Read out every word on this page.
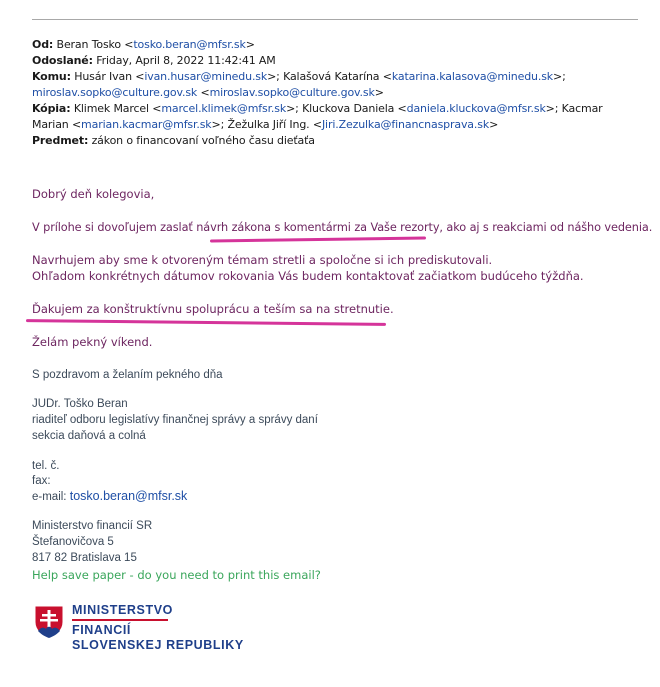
Od: Beran Tosko <tosko.beran@mfsr.sk>
Odoslané: Friday, April 8, 2022 11:42:41 AM
Komu: Husár Ivan <ivan.husar@minedu.sk>; Kalašová Katarína <katarina.kalasova@minedu.sk>;
miroslav.sopko@culture.gov.sk <miroslav.sopko@culture.gov.sk>
Kópia: Klimek Marcel <marcel.klimek@mfsr.sk>; Kluckova Daniela <daniela.kluckova@mfsr.sk>; Kacmar
Marian <marian.kacmar@mfsr.sk>; Žežulka Jiří Ing. <Jiri.Zezulka@financnasprava.sk>
Predmet: zákon o financovaní voľného času dieťaťa
Dobrý deň kolegovia,
V prílohe si dovoľujem zaslať návrh zákona s komentármi za Vaše rezorty, ako aj s reakciami od nášho vedenia.
Navrhujem aby sme k otvoreným témam stretli a spoločne si ich prediskutovali.
Ohľadom konkrétnych dátumov rokovania Vás budem kontaktovať začiatkom budúceho týždňa.
Ďakujem za konštruktívnu spoluprácu a teším sa na stretnutie.
Želám pekný víkend.
S pozdravom a želaním pekného dňa
JUDr. Toško Beran
riaditeľ odboru legislatívy finančnej správy a správy daní
sekcia daňová a colná
tel. č.
fax:
e-mail: tosko.beran@mfsr.sk
Ministerstvo financií SR
Štefanovičova 5
817 82 Bratislava 15
Help save paper - do you need to print this email?
MINISTERSTVO
FINANCIÍ
SLOVENSKEJ REPUBLIKY
